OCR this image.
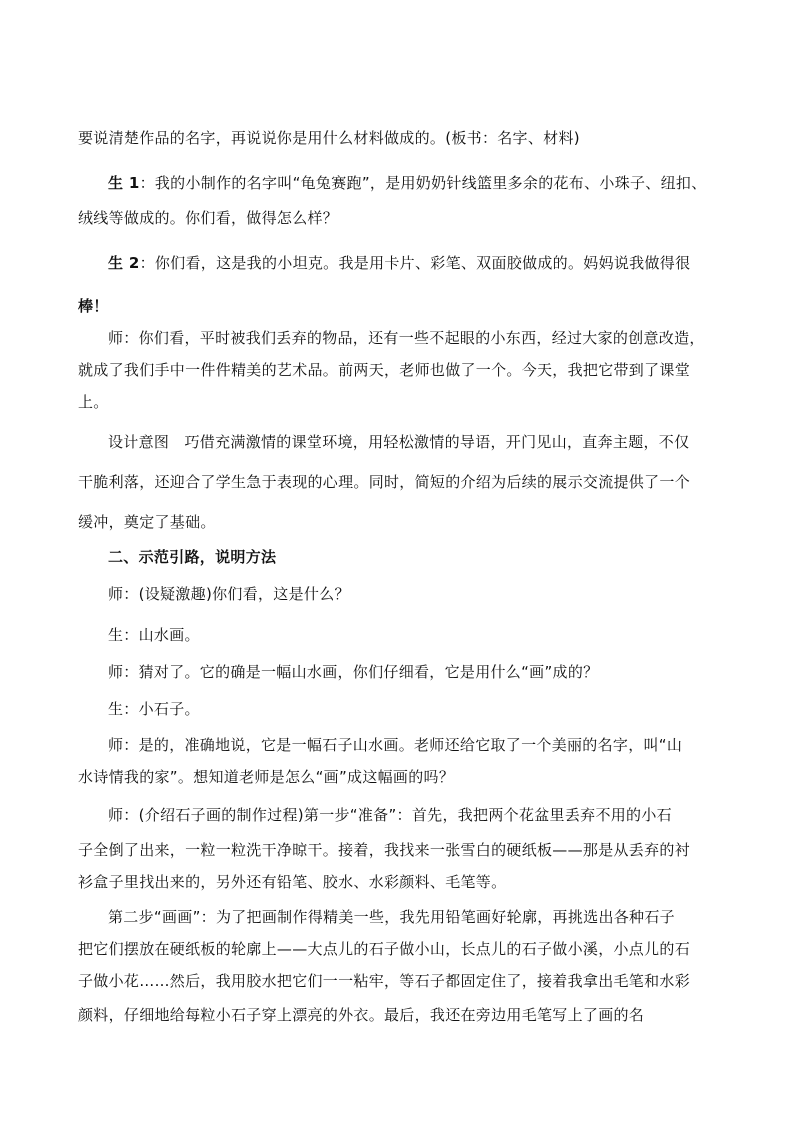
要说清楚作品的名字，再说说你是用什么材料做成的。(板书：名字、材料)
生 1：我的小制作的名字叫“龟兔赛跑”，是用奶奶针线篮里多余的花布、小珠子、纽扣、
绒线等做成的。你们看，做得怎么样？
生 2：你们看，这是我的小坦克。我是用卡片、彩笔、双面胶做成的。妈妈说我做得很
棒！
师：你们看，平时被我们丢弃的物品，还有一些不起眼的小东西，经过大家的创意改造，
就成了我们手中一件件精美的艺术品。前两天，老师也做了一个。今天，我把它带到了课堂
上。
设计意图　巧借充满激情的课堂环境，用轻松激情的导语，开门见山，直奔主题，不仅
干脆利落，还迎合了学生急于表现的心理。同时，简短的介绍为后续的展示交流提供了一个
缓冲，奠定了基础。
二、示范引路，说明方法
师：(设疑激趣)你们看，这是什么？
生：山水画。
师：猜对了。它的确是一幅山水画，你们仔细看，它是用什么“画”成的？
生：小石子。
师：是的，准确地说，它是一幅石子山水画。老师还给它取了一个美丽的名字，叫“山
水诗情我的家”。想知道老师是怎么“画”成这幅画的吗？
师：(介绍石子画的制作过程)第一步“准备”：首先，我把两个花盆里丢弃不用的小石
子全倒了出来，一粒一粒洗干净晾干。接着，我找来一张雪白的硬纸板——那是从丢弃的衬
衫盒子里找出来的，另外还有铅笔、胶水、水彩颜料、毛笔等。
第二步“画画”：为了把画制作得精美一些，我先用铅笔画好轮廓，再挑选出各种石子
把它们摆放在硬纸板的轮廓上——大点儿的石子做小山，长点儿的石子做小溪，小点儿的石
子做小花……然后，我用胶水把它们一一粘牢，等石子都固定住了，接着我拿出毛笔和水彩
颜料，仔细地给每粒小石子穿上漂亮的外衣。最后，我还在旁边用毛笔写上了画的名
